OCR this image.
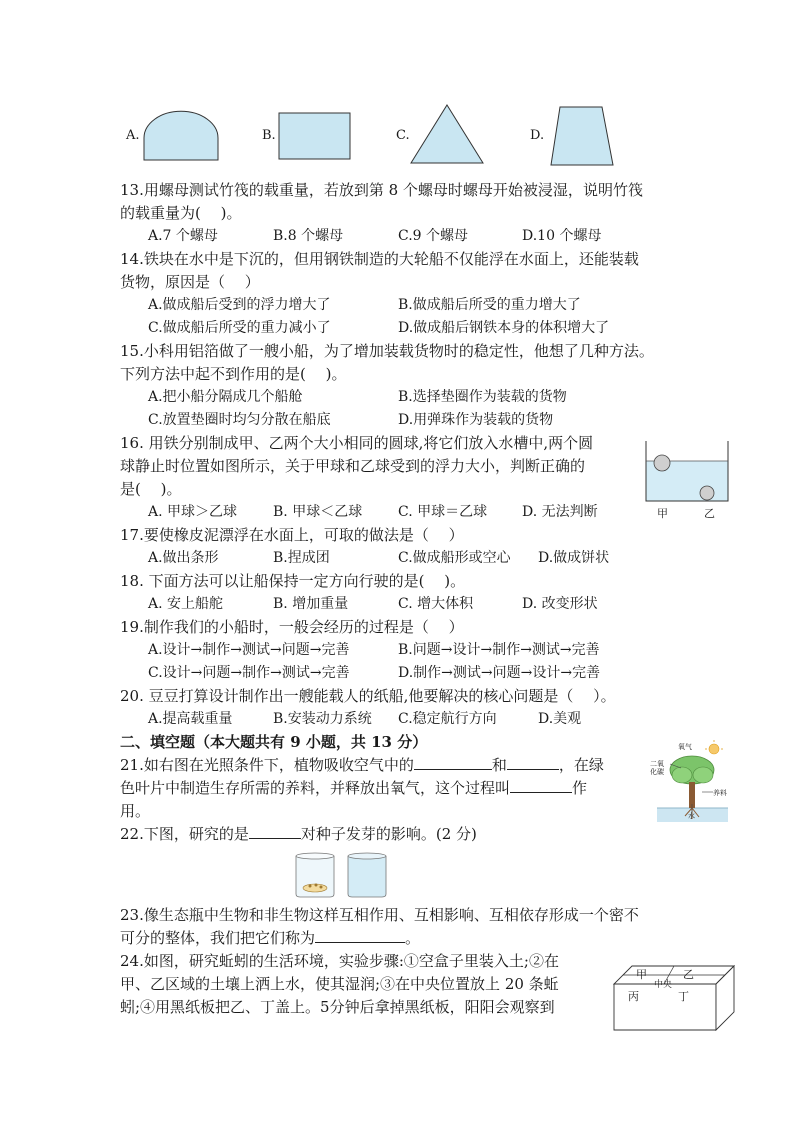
A.	B.	C.	D.
13.用螺母测试竹筏的载重量，若放到第 8 个螺母时螺母开始被浸湿，说明竹筏
的载重量为(　 )。
A.7 个螺母	B.8 个螺母	C.9 个螺母	D.10 个螺母
14.铁块在水中是下沉的，但用钢铁制造的大轮船不仅能浮在水面上，还能装载
货物，原因是（　 ）
A.做成船后受到的浮力增大了	B.做成船后所受的重力增大了
C.做成船后所受的重力减小了	D.做成船后钢铁本身的体积增大了
15.小科用铝箔做了一艘小船，为了增加装载货物时的稳定性，他想了几种方法。
下列方法中起不到作用的是(　 )。
A.把小船分隔成几个船舱	B.选择垫圈作为装载的货物
C.放置垫圈时均匀分散在船底	D.用弹珠作为装载的货物
16. 用铁分别制成甲、乙两个大小相同的圆球,将它们放入水槽中,两个圆
球静止时位置如图所示，关于甲球和乙球受到的浮力大小，判断正确的
是(　 )。
A. 甲球＞乙球	B. 甲球＜乙球	C. 甲球＝乙球 D. 无法判断	甲	乙
17.要使橡皮泥漂浮在水面上，可取的做法是（　 ）
A.做出条形	B.捏成团	C.做成船形或空心 D.做成饼状
18. 下面方法可以让船保持一定方向行驶的是(　 )。
A. 安上船舵	B. 增加重量	C. 增大体积	D. 改变形状
19.制作我们的小船时，一般会经历的过程是（　 ）
A.设计→制作→测试→问题→完善	B.问题→设计→制作→测试→完善
C.设计→问题→制作→测试→完善	D.制作→测试→问题→设计→完善
20. 豆豆打算设计制作出一艘能载人的纸船,他要解决的核心问题是（　 ）。
A.提高载重量	B.安装动力系统 C.稳定航行方向	D.美观
二、填空题（本大题共有 9 小题，共 13 分）
21.如右图在光照条件下，植物吸收空气中的	和	，在绿
色叶片中制造生存所需的养料，并释放出氧气，这个过程叫	作
用。
氧气
二氧化碳
养料
水
22.下图，研究的是	对种子发芽的影响。(2 分)
23.像生态瓶中生物和非生物这样互相作用、互相影响、互相依存形成一个密不
可分的整体，我们把它们称为	。
24.如图，研究蚯蚓的生活环境，实验步骤:①空盒子里装入土;②在
甲、乙区域的土壤上洒上水，使其湿润;③在中央位置放上 20 条蚯
蚓;④用黑纸板把乙、丁盖上。5分钟后拿掉黑纸板，阳阳会观察到
甲	乙
中央
丙	丁
